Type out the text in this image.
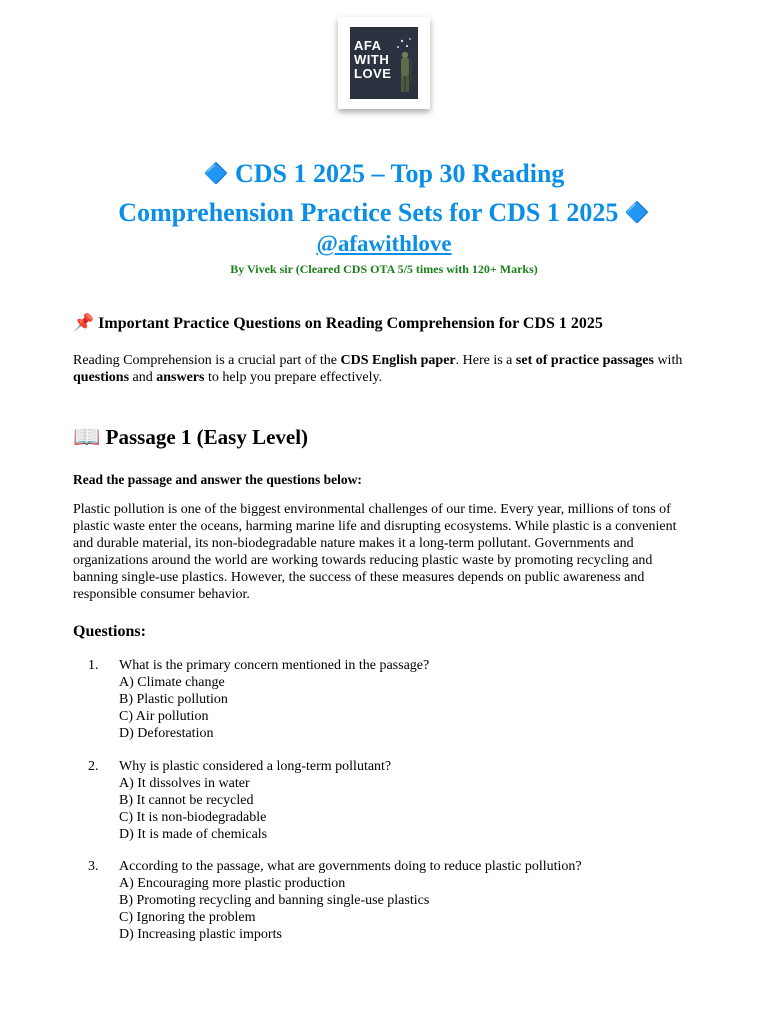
AFA
WITH
LOVE
🔷 CDS 1 2025 – Top 30 Reading
Comprehension Practice Sets for CDS 1 2025 🔷
@afawithlove
By Vivek sir (Cleared CDS OTA 5/5 times with 120+ Marks)
📌 Important Practice Questions on Reading Comprehension for CDS 1 2025
Reading Comprehension is a crucial part of the CDS English paper. Here is a set of practice passages with questions and answers to help you prepare effectively.
📖 Passage 1 (Easy Level)
Read the passage and answer the questions below:
Plastic pollution is one of the biggest environmental challenges of our time. Every year, millions of tons of plastic waste enter the oceans, harming marine life and disrupting ecosystems. While plastic is a convenient and durable material, its non-biodegradable nature makes it a long-term pollutant. Governments and organizations around the world are working towards reducing plastic waste by promoting recycling and banning single-use plastics. However, the success of these measures depends on public awareness and responsible consumer behavior.
Questions:
1.	What is the primary concern mentioned in the passage?
A) Climate change
B) Plastic pollution
C) Air pollution
D) Deforestation
2.	Why is plastic considered a long-term pollutant?
A) It dissolves in water
B) It cannot be recycled
C) It is non-biodegradable
D) It is made of chemicals
3.	According to the passage, what are governments doing to reduce plastic pollution?
A) Encouraging more plastic production
B) Promoting recycling and banning single-use plastics
C) Ignoring the problem
D) Increasing plastic imports
